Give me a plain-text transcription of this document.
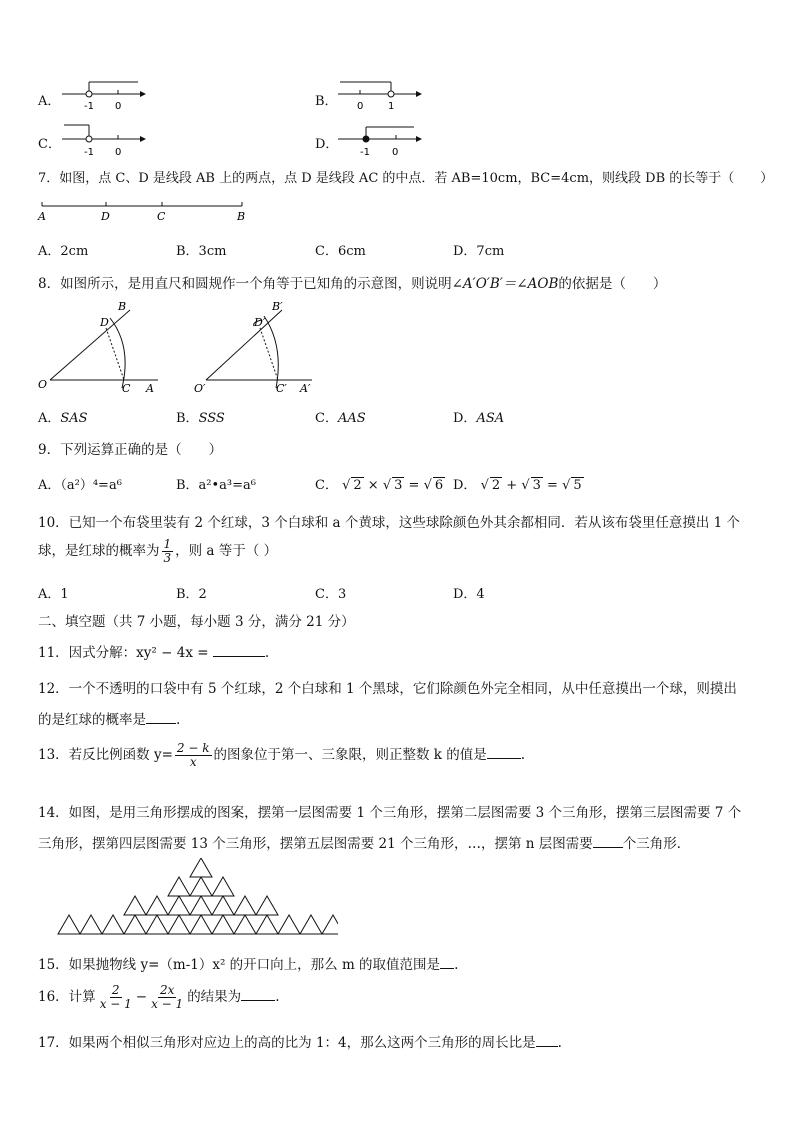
A． -1 0	B． 0 1
C．
-1 0
D．
-1 0
7．如图，点 C、D 是线段 AB 上的两点，点 D 是线段 AC 的中点．若 AB=10cm，BC=4cm，则线段 DB 的长等于（　　）
A	D	C	B
A．2cm	B．3cm	C．6cm	D．7cm
8．如图所示，是用直尺和圆规作一个角等于已知角的示意图，则说明∠A′O′B′＝∠AOB的依据是（　　）
B
D
O	C A
B′
D′
O′	C′ A′
A．SAS	B．SSS	C．AAS	D．ASA
9．下列运算正确的是（　　）
A．（a²）⁴=a⁶	B．a²•a³=a⁶	C． √ 2 × √ 3 = √ 6 D． √ 2 + √ 3 = √ 5
10．已知一个布袋里装有 2 个红球，3 个白球和 a 个黄球，这些球除颜色外其余都相同．若从该布袋里任意摸出 1 个
球，是红球的概率为 $\frac{1}{3}$ ，则 a 等于（ ）
A．1	B．2	C．3	D．4
二、填空题（共 7 小题，每小题 3 分，满分 21 分）
11．因式分解：xy² − 4x =	.
12．一个不透明的口袋中有 5 个红球，2 个白球和 1 个黑球，它们除颜色外完全相同，从中任意摸出一个球，则摸出
的是红球的概率是 .
13．若反比例函数 $y= \frac{2 - k}{x}$ 的图象位于第一、三象限，则正整数 k 的值是	.
14．如图，是用三角形摆成的图案，摆第一层图需要 1 个三角形，摆第二层图需要 3 个三角形，摆第三层图需要 7 个
三角形，摆第四层图需要 13 个三角形，摆第五层图需要 21 个三角形，…，摆第 n 层图需要 个三角形．
15．如果抛物线 y=（m-1）x² 的开口向上，那么 m 的取值范围是 .
16．计算 $\frac{2}{x - 1} - \frac{2x}{x - 1}$ 的结果为	.
17．如果两个相似三角形对应边上的高的比为 1：4，那么这两个三角形的周长比是 .
